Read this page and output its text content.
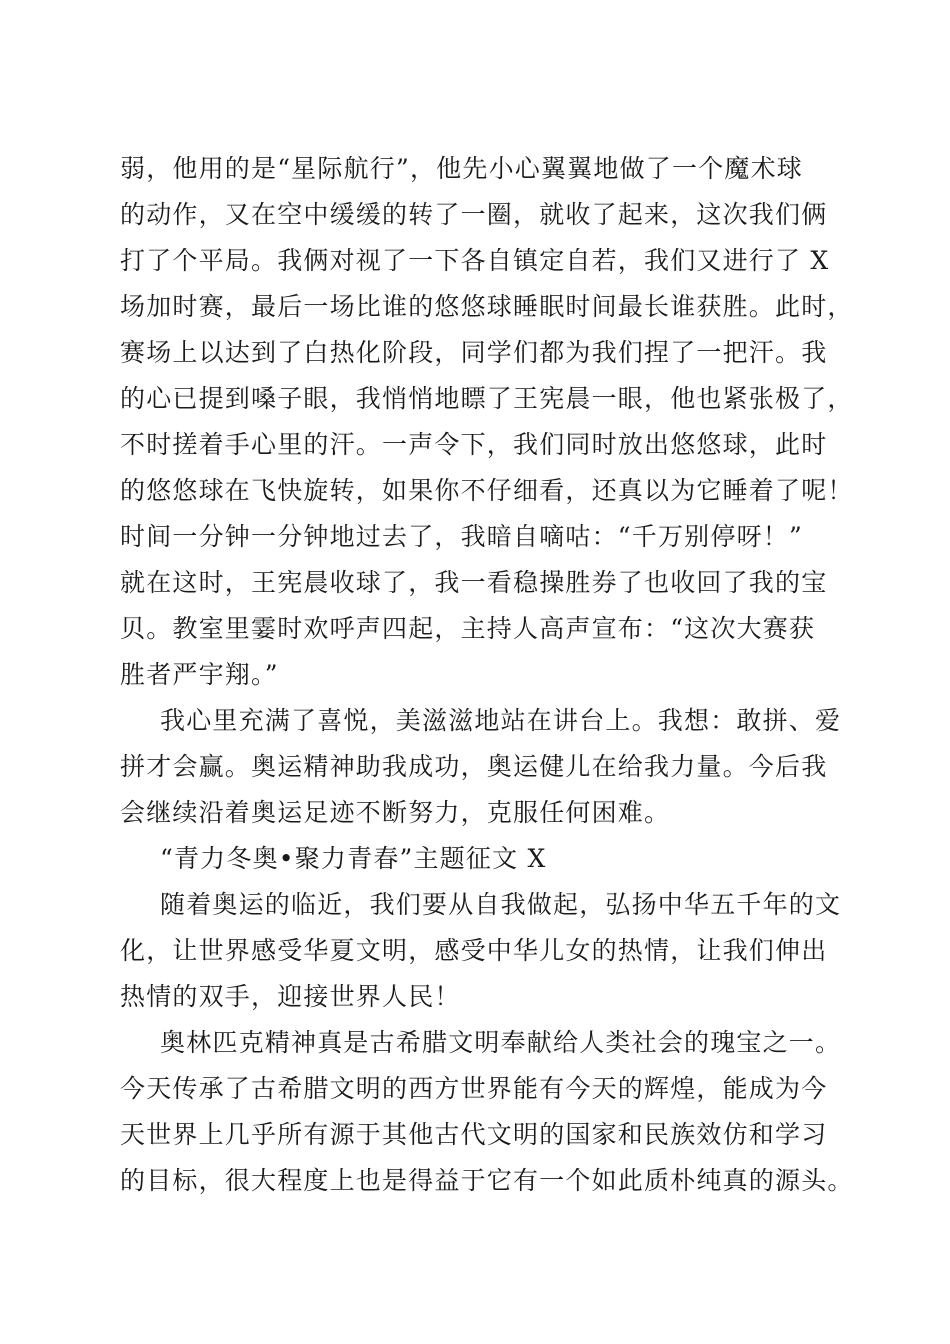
弱，他用的是“星际航行”，他先小心翼翼地做了一个魔术球
的动作，又在空中缓缓的转了一圈，就收了起来，这次我们俩
打了个平局。我俩对视了一下各自镇定自若，我们又进行了 X
场加时赛，最后一场比谁的悠悠球睡眠时间最长谁获胜。此时，
赛场上以达到了白热化阶段，同学们都为我们捏了一把汗。我
的心已提到嗓子眼，我悄悄地瞟了王宪晨一眼，他也紧张极了，
不时搓着手心里的汗。一声令下，我们同时放出悠悠球，此时
的悠悠球在飞快旋转，如果你不仔细看，还真以为它睡着了呢！
时间一分钟一分钟地过去了，我暗自嘀咕：“千万别停呀！”
就在这时，王宪晨收球了，我一看稳操胜券了也收回了我的宝
贝。教室里霎时欢呼声四起，主持人高声宣布：“这次大赛获
胜者严宇翔。”
我心里充满了喜悦，美滋滋地站在讲台上。我想：敢拼、爱
拼才会赢。奥运精神助我成功，奥运健儿在给我力量。今后我
会继续沿着奥运足迹不断努力，克服任何困难。
“青力冬奥•聚力青春”主题征文 X
随着奥运的临近，我们要从自我做起，弘扬中华五千年的文
化，让世界感受华夏文明，感受中华儿女的热情，让我们伸出
热情的双手，迎接世界人民！
奥林匹克精神真是古希腊文明奉献给人类社会的瑰宝之一。
今天传承了古希腊文明的西方世界能有今天的辉煌，能成为今
天世界上几乎所有源于其他古代文明的国家和民族效仿和学习
的目标，很大程度上也是得益于它有一个如此质朴纯真的源头。
